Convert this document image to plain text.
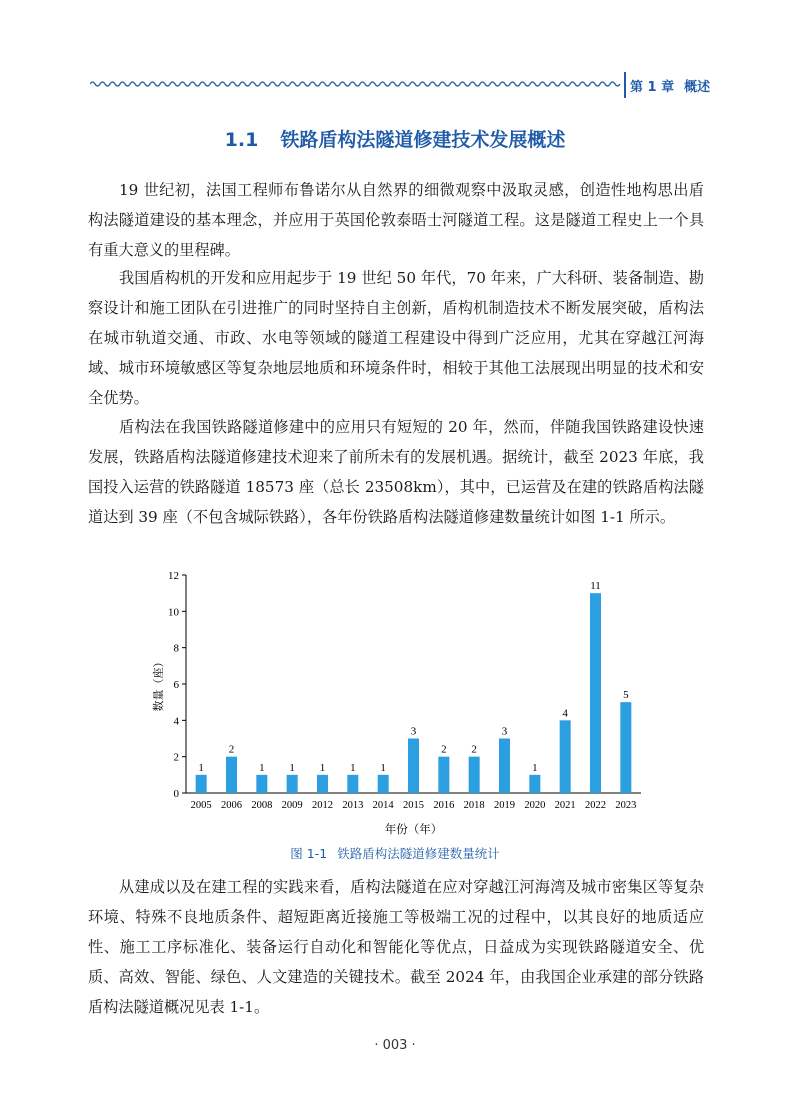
第 1 章 概述
1.1 铁路盾构法隧道修建技术发展概述

19 世纪初，法国工程师布鲁诺尔从自然界的细微观察中汲取灵感，创造性地构思出盾构法隧道建设的基本理念，并应用于英国伦敦泰晤士河隧道工程。这是隧道工程史上一个具有重大意义的里程碑。

我国盾构机的开发和应用起步于 19 世纪 50 年代，70 年来，广大科研、装备制造、勘察设计和施工团队在引进推广的同时坚持自主创新，盾构机制造技术不断发展突破，盾构法在城市轨道交通、市政、水电等领域的隧道工程建设中得到广泛应用，尤其在穿越江河海域、城市环境敏感区等复杂地层地质和环境条件时，相较于其他工法展现出明显的技术和安全优势。

盾构法在我国铁路隧道修建中的应用只有短短的 20 年，然而，伴随我国铁路建设快速发展，铁路盾构法隧道修建技术迎来了前所未有的发展机遇。据统计，截至 2023 年底，我国投入运营的铁路隧道 18573 座（总长 23508km），其中，已运营及在建的铁路盾构法隧道达到 39 座（不包含城际铁路），各年份铁路盾构法隧道修建数量统计如图 1-1 所示。

0
2
4
6
8
10
12
2005 2006 2008 2009 2012 2013 2014 2015 2016 2018 2019 2020 2021 2022 2023
1
2
1 1 1 1 1
3
2 2
3
1
4
11
5
数量（座）
年份（年）
图 1-1 铁路盾构法隧道修建数量统计

从建成以及在建工程的实践来看，盾构法隧道在应对穿越江河海湾及城市密集区等复杂环境、特殊不良地质条件、超短距离近接施工等极端工况的过程中，以其良好的地质适应性、施工工序标准化、装备运行自动化和智能化等优点，日益成为实现铁路隧道安全、优质、高效、智能、绿色、人文建造的关键技术。截至 2024 年，由我国企业承建的部分铁路盾构法隧道概况见表 1-1。

· 003 ·
